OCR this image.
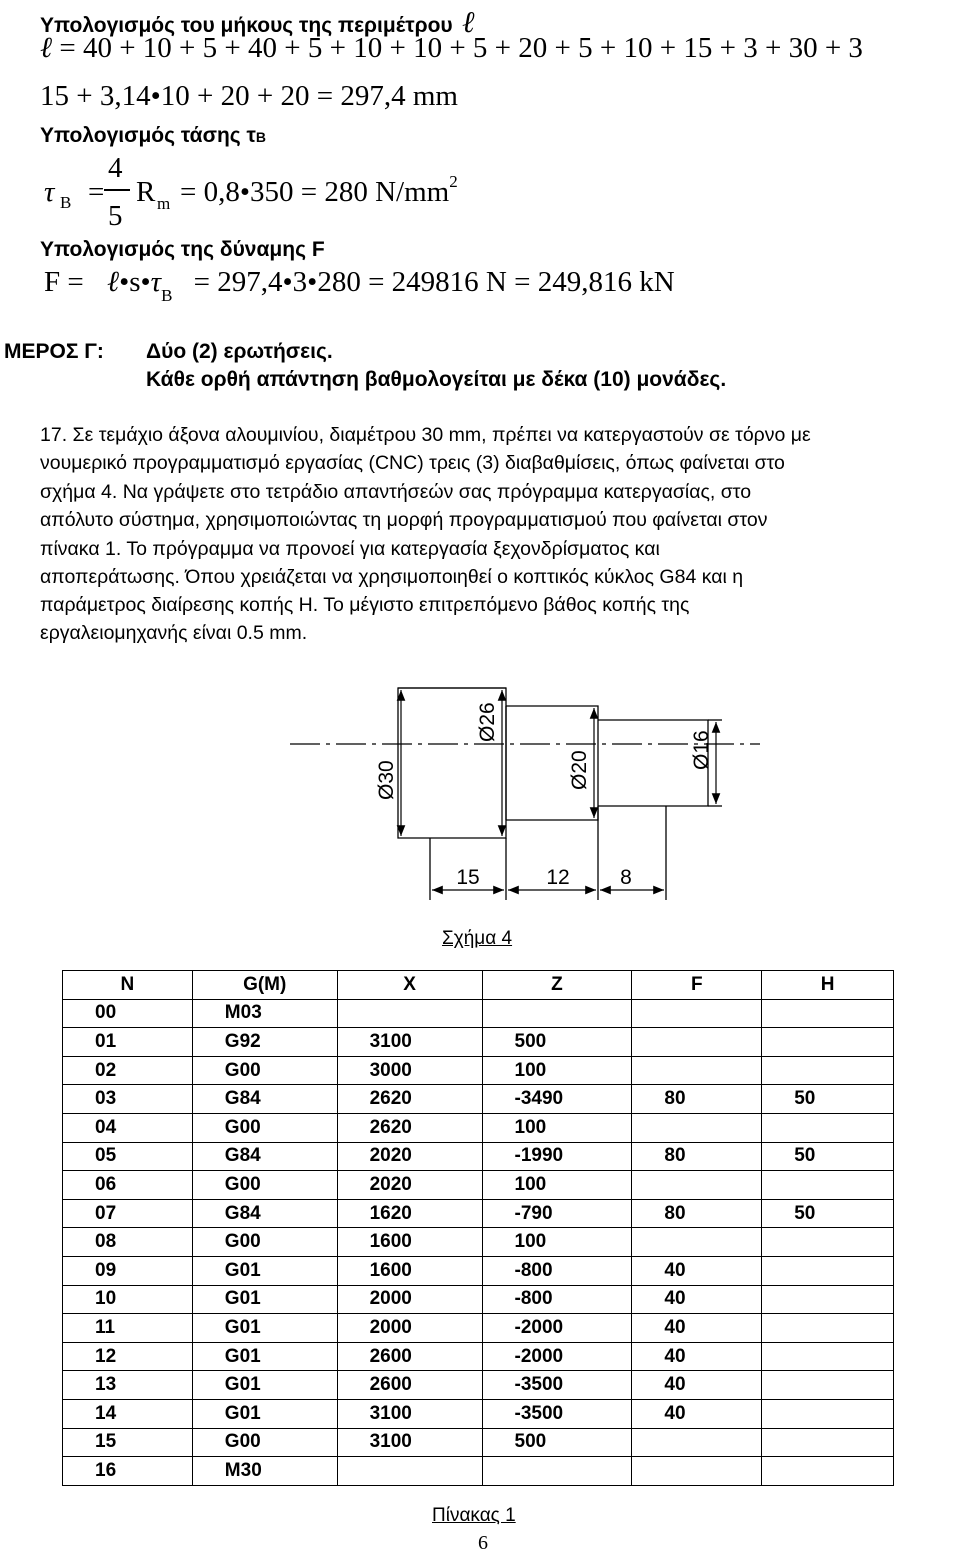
Υπολογισμός του μήκους της περιμέτρου ℓ
ℓ = 40 + 10 + 5 + 40 + 5 + 10 + 10 + 5 + 20 + 5 + 10 + 15 + 3 + 30 + 3
15 + 3,14•10 + 20 + 20 = 297,4 mm
Υπολογισμός τάσης τB
τ B =
4
5
R m = 0,8•350 = 280 $N/mm^2$
Υπολογισμός της δύναμης F
$F = \ell•s•\tau_B$ = 297,4•3•280 = 249816 N = 249,816 kN
ΜΕΡΟΣ Γ: Δύο (2) ερωτήσεις.
Κάθε ορθή απάντηση βαθμολογείται με δέκα (10) μονάδες.
17. Σε τεμάχιο άξονα αλουμινίου, διαμέτρου 30 mm, πρέπει να κατεργαστούν σε τόρνο με
νουμερικό προγραμματισμό εργασίας (CNC) τρεις (3) διαβαθμίσεις, όπως φαίνεται στο
σχήμα 4. Να γράψετε στο τετράδιο απαντήσεών σας πρόγραμμα κατεργασίας, στο
απόλυτο σύστημα, χρησιμοποιώντας τη μορφή προγραμματισμού που φαίνεται στον
πίνακα 1. Το πρόγραμμα να προνοεί για κατεργασία ξεχονδρίσματος και
αποπεράτωσης. Όπου χρειάζεται να χρησιμοποιηθεί ο κοπτικός κύκλος G84 και η
παράμετρος διαίρεσης κοπής Η. Το μέγιστο επιτρεπόμενο βάθος κοπής της
εργαλειομηχανής είναι 0.5 mm.
Ø30
Ø26
Ø20
Ø16
15	12 8
Σχήμα 4
N	G(M)	X	Z	F	H
00	M03				
01	G92	3100	500		
02	G00	3000	100		
03	G84	2620	-3490	80	50
04	G00	2620	100		
05	G84	2020	-1990	80	50
06	G00	2020	100		
07	G84	1620	-790	80	50
08	G00	1600	100		
09	G01	1600	-800	40	
10	G01	2000	-800	40	
11	G01	2000	-2000	40	
12	G01	2600	-2000	40	
13	G01	2600	-3500	40	
14	G01	3100	-3500	40	
15	G00	3100	500		
16	M30				
Πίνακας 1
6
